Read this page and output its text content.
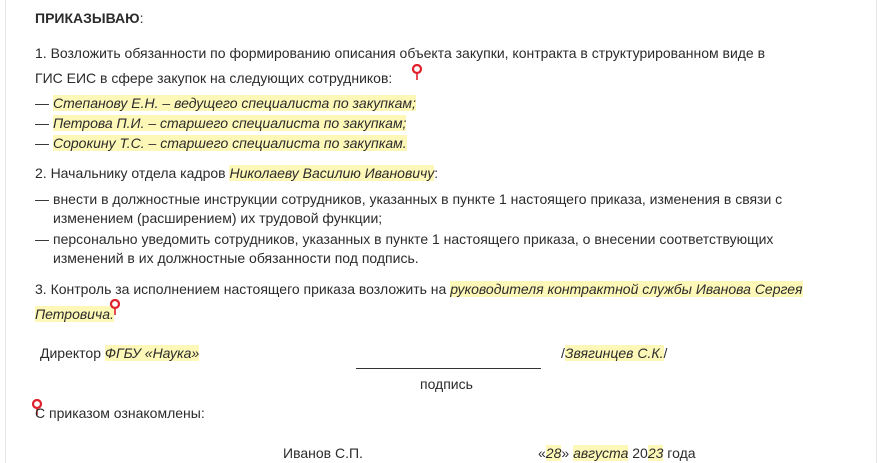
ПРИКАЗЫВАЮ:
1. Возложить обязанности по формированию описания объекта закупки, контракта в структурированном виде в
ГИС ЕИС в сфере закупок на следующих сотрудников:
— Степанову Е.Н. – ведущего специалиста по закупкам;
— Петрова П.И. – старшего специалиста по закупкам;
— Сорокину Т.С. – старшего специалиста по закупкам.
2. Начальнику отдела кадров Николаеву Василию Ивановичу:
— внести в должностные инструкции сотрудников, указанных в пункте 1 настоящего приказа, изменения в связи с
изменением (расширением) их трудовой функции;
— персонально уведомить сотрудников, указанных в пункте 1 настоящего приказа, о внесении соответствующих
изменений в их должностные обязанности под подпись.
3. Контроль за исполнением настоящего приказа возложить на руководителя контрактной службы Иванова Сергея
Петровича.
Директор ФГБУ «Наука»	/Звягинцев С.К./
подпись
С приказом ознакомлены:
Иванов С.П.	«28» августа 2023 года
